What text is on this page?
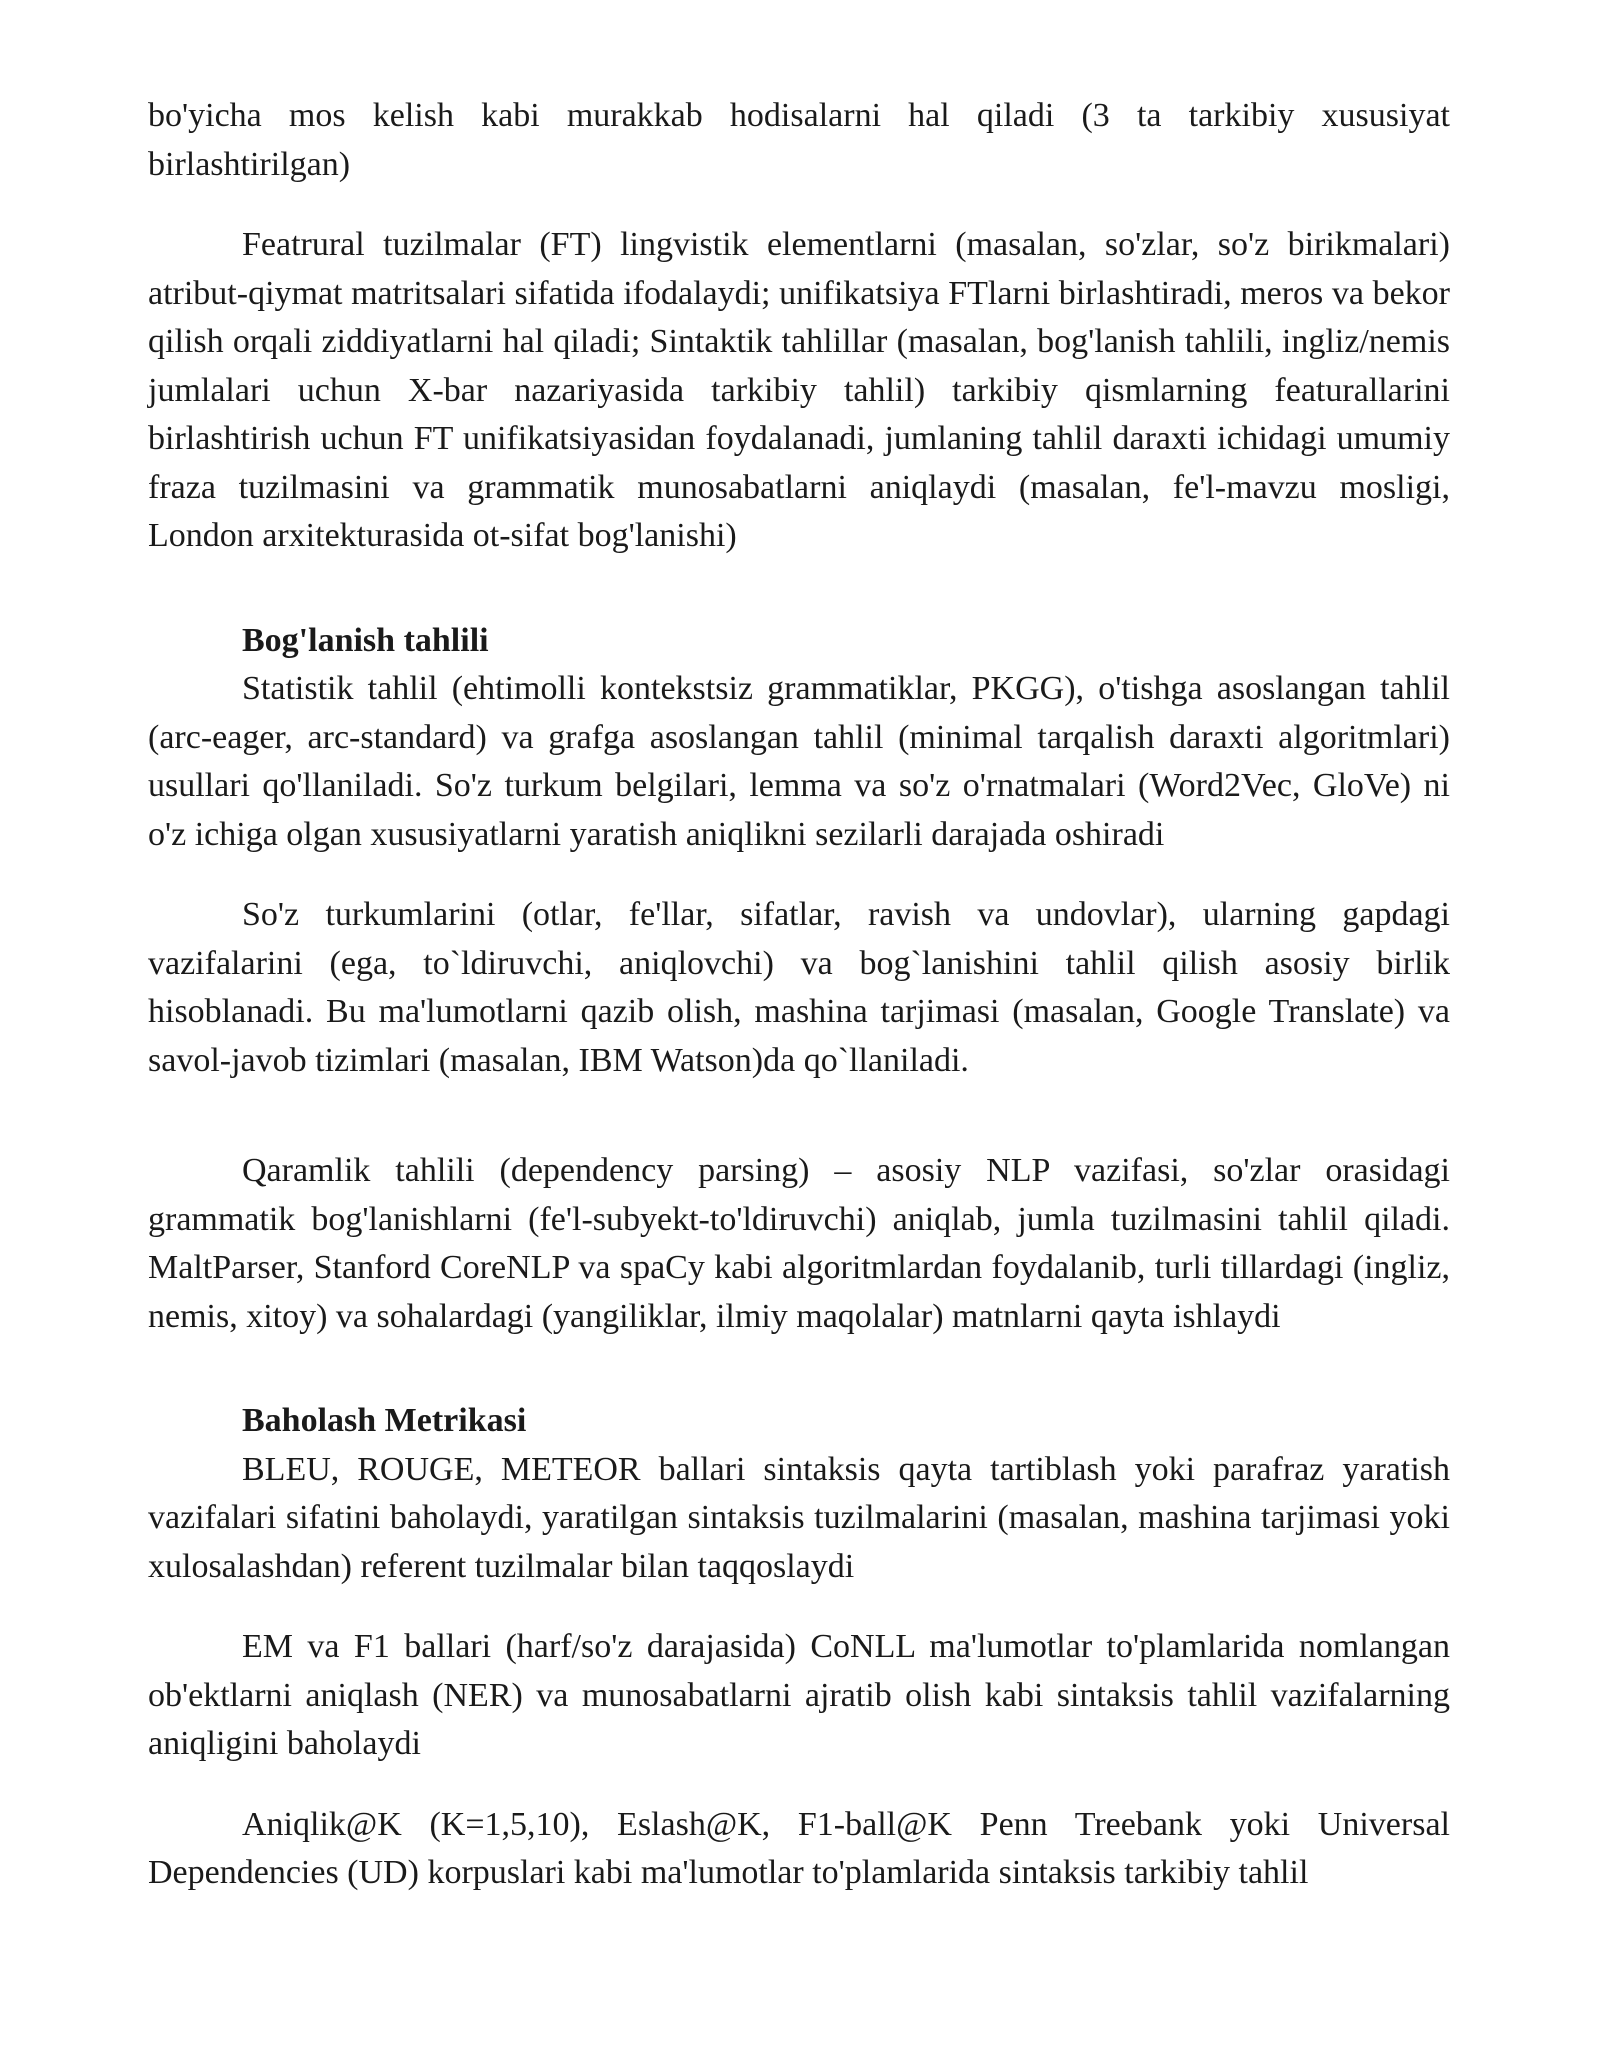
bo'yicha mos kelish kabi murakkab hodisalarni hal qiladi (3 ta tarkibiy xususiyat birlashtirilgan)

Featrural tuzilmalar (FT) lingvistik elementlarni (masalan, so'zlar, so'z birikmalari) atribut-qiymat matritsalari sifatida ifodalaydi; unifikatsiya FTlarni birlashtiradi, meros va bekor qilish orqali ziddiyatlarni hal qiladi; Sintaktik tahlillar (masalan, bog'lanish tahlili, ingliz/nemis jumlalari uchun X-bar nazariyasida tarkibiy tahlil) tarkibiy qismlarning featurallarini birlashtirish uchun FT unifikatsiyasidan foydalanadi, jumlaning tahlil daraxti ichidagi umumiy fraza tuzilmasini va grammatik munosabatlarni aniqlaydi (masalan, fe'l-mavzu mosligi, London arxitekturasida ot-sifat bog'lanishi)

Bog'lanish tahlili

Statistik tahlil (ehtimolli kontekstsiz grammatiklar, PKGG), o'tishga asoslangan tahlil (arc-eager, arc-standard) va grafga asoslangan tahlil (minimal tarqalish daraxti algoritmlari) usullari qo'llaniladi. So'z turkum belgilari, lemma va so'z o'rnatmalari (Word2Vec, GloVe) ni o'z ichiga olgan xususiyatlarni yaratish aniqlikni sezilarli darajada oshiradi

So'z turkumlarini (otlar, fe'llar, sifatlar, ravish va undovlar), ularning gapdagi vazifalarini (ega, to`ldiruvchi, aniqlovchi) va bog`lanishini tahlil qilish asosiy birlik hisoblanadi. Bu ma'lumotlarni qazib olish, mashina tarjimasi (masalan, Google Translate) va savol-javob tizimlari (masalan, IBM Watson)da qo`llaniladi.

Qaramlik tahlili (dependency parsing) – asosiy NLP vazifasi, so'zlar orasidagi grammatik bog'lanishlarni (fe'l-subyekt-to'ldiruvchi) aniqlab, jumla tuzilmasini tahlil qiladi. MaltParser, Stanford CoreNLP va spaCy kabi algoritmlardan foydalanib, turli tillardagi (ingliz, nemis, xitoy) va sohalardagi (yangiliklar, ilmiy maqolalar) matnlarni qayta ishlaydi

Baholash Metrikasi

BLEU, ROUGE, METEOR ballari sintaksis qayta tartiblash yoki parafraz yaratish vazifalari sifatini baholaydi, yaratilgan sintaksis tuzilmalarini (masalan, mashina tarjimasi yoki xulosalashdan) referent tuzilmalar bilan taqqoslaydi

EM va F1 ballari (harf/so'z darajasida) CoNLL ma'lumotlar to'plamlarida nomlangan ob'ektlarni aniqlash (NER) va munosabatlarni ajratib olish kabi sintaksis tahlil vazifalarning aniqligini baholaydi

Aniqlik@K (K=1,5,10), Eslash@K, F1-ball@K Penn Treebank yoki Universal Dependencies (UD) korpuslari kabi ma'lumotlar to'plamlarida sintaksis tarkibiy tahlil
